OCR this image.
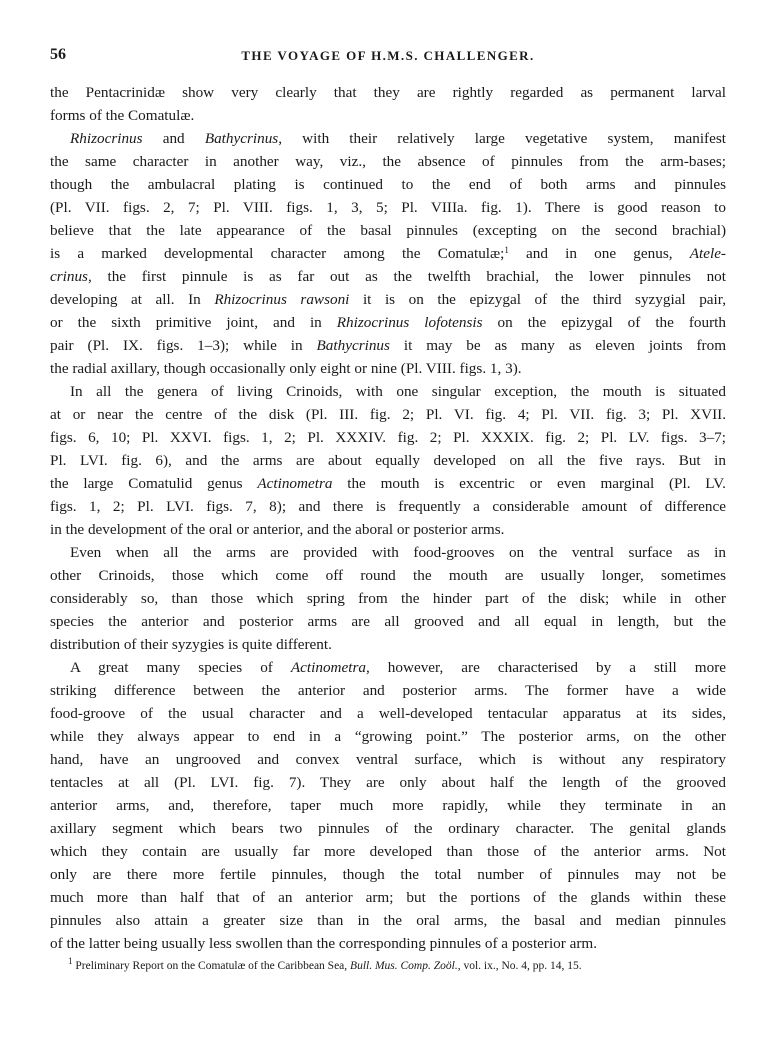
56	THE VOYAGE OF H.M.S. CHALLENGER.
the Pentacrinidæ show very clearly that they are rightly regarded as permanent larval
forms of the Comatulæ.
Rhizocrinus and Bathycrinus, with their relatively large vegetative system, manifest
the same character in another way, viz., the absence of pinnules from the arm-bases;
though the ambulacral plating is continued to the end of both arms and pinnules
(Pl. VII. figs. 2, 7; Pl. VIII. figs. 1, 3, 5; Pl. VIIIa. fig. 1). There is good reason to
believe that the late appearance of the basal pinnules (excepting on the second brachial)
is a marked developmental character among the Comatulæ;$^1$ and in one genus, Atele-
crinus, the first pinnule is as far out as the twelfth brachial, the lower pinnules not
developing at all. In Rhizocrinus rawsoni it is on the epizygal of the third syzygial pair,
or the sixth primitive joint, and in Rhizocrinus lofotensis on the epizygal of the fourth
pair (Pl. IX. figs. 1–3); while in Bathycrinus it may be as many as eleven joints from
the radial axillary, though occasionally only eight or nine (Pl. VIII. figs. 1, 3).
In all the genera of living Crinoids, with one singular exception, the mouth is situated
at or near the centre of the disk (Pl. III. fig. 2; Pl. VI. fig. 4; Pl. VII. fig. 3; Pl. XVII.
figs. 6, 10; Pl. XXVI. figs. 1, 2; Pl. XXXIV. fig. 2; Pl. XXXIX. fig. 2; Pl. LV. figs. 3–7;
Pl. LVI. fig. 6), and the arms are about equally developed on all the five rays. But in
the large Comatulid genus Actinometra the mouth is excentric or even marginal (Pl. LV.
figs. 1, 2; Pl. LVI. figs. 7, 8); and there is frequently a considerable amount of difference
in the development of the oral or anterior, and the aboral or posterior arms.
Even when all the arms are provided with food-grooves on the ventral surface as in
other Crinoids, those which come off round the mouth are usually longer, sometimes
considerably so, than those which spring from the hinder part of the disk; while in other
species the anterior and posterior arms are all grooved and all equal in length, but the
distribution of their syzygies is quite different.
A great many species of Actinometra, however, are characterised by a still more
striking difference between the anterior and posterior arms. The former have a wide
food-groove of the usual character and a well-developed tentacular apparatus at its sides,
while they always appear to end in a “growing point.” The posterior arms, on the other
hand, have an ungrooved and convex ventral surface, which is without any respiratory
tentacles at all (Pl. LVI. fig. 7). They are only about half the length of the grooved
anterior arms, and, therefore, taper much more rapidly, while they terminate in an
axillary segment which bears two pinnules of the ordinary character. The genital glands
which they contain are usually far more developed than those of the anterior arms. Not
only are there more fertile pinnules, though the total number of pinnules may not be
much more than half that of an anterior arm; but the portions of the glands within these
pinnules also attain a greater size than in the oral arms, the basal and median pinnules
of the latter being usually less swollen than the corresponding pinnules of a posterior arm.
$^1$ Preliminary Report on the Comatulæ of the Caribbean Sea, Bull. Mus. Comp. Zoöl., vol. ix., No. 4, pp. 14, 15.
